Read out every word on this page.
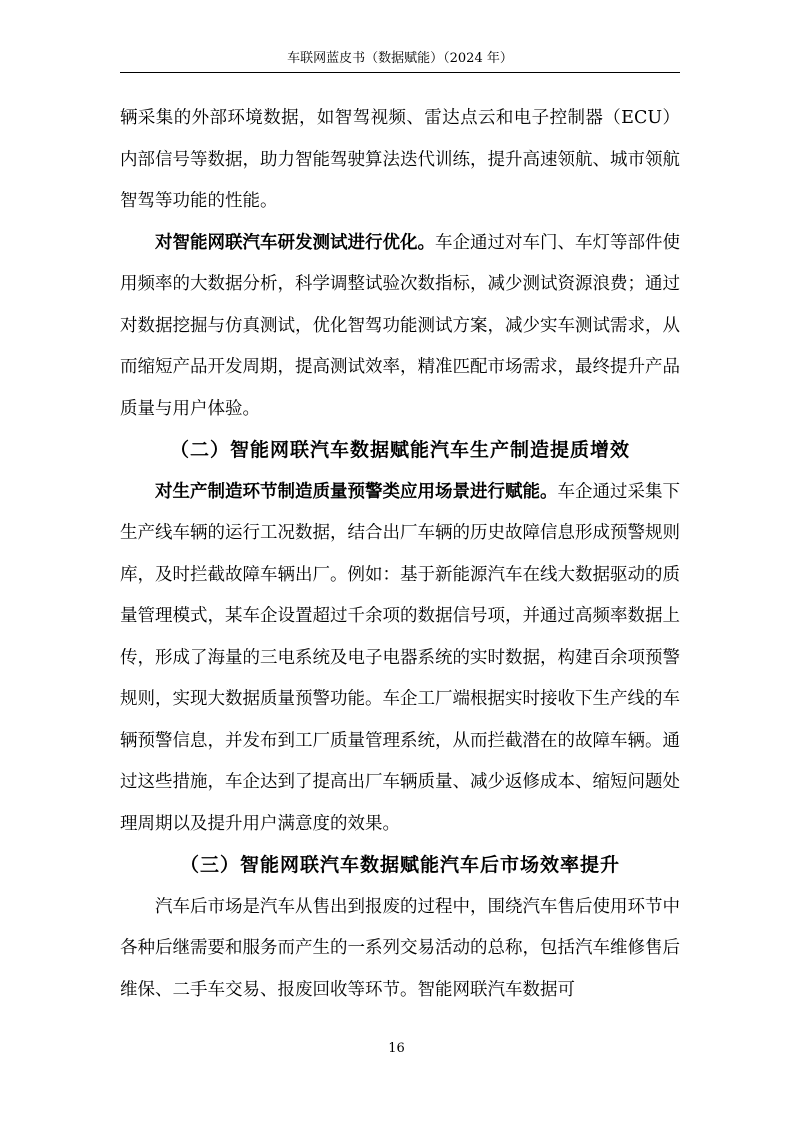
车联网蓝皮书（数据赋能）（2024 年）

辆采集的外部环境数据，如智驾视频、雷达点云和电子控制器（ECU）内部信号等数据，助力智能驾驶算法迭代训练，提升高速领航、城市领航智驾等功能的性能。

对智能网联汽车研发测试进行优化。车企通过对车门、车灯等部件使用频率的大数据分析，科学调整试验次数指标，减少测试资源浪费；通过对数据挖掘与仿真测试，优化智驾功能测试方案，减少实车测试需求，从而缩短产品开发周期，提高测试效率，精准匹配市场需求，最终提升产品质量与用户体验。

（二）智能网联汽车数据赋能汽车生产制造提质增效

对生产制造环节制造质量预警类应用场景进行赋能。车企通过采集下生产线车辆的运行工况数据，结合出厂车辆的历史故障信息形成预警规则库，及时拦截故障车辆出厂。例如：基于新能源汽车在线大数据驱动的质量管理模式，某车企设置超过千余项的数据信号项，并通过高频率数据上传，形成了海量的三电系统及电子电器系统的实时数据，构建百余项预警规则，实现大数据质量预警功能。车企工厂端根据实时接收下生产线的车辆预警信息，并发布到工厂质量管理系统，从而拦截潜在的故障车辆。通过这些措施，车企达到了提高出厂车辆质量、减少返修成本、缩短问题处理周期以及提升用户满意度的效果。

（三）智能网联汽车数据赋能汽车后市场效率提升

汽车后市场是汽车从售出到报废的过程中，围绕汽车售后使用环节中各种后继需要和服务而产生的一系列交易活动的总称，包括汽车维修售后维保、二手车交易、报废回收等环节。智能网联汽车数据可

16
